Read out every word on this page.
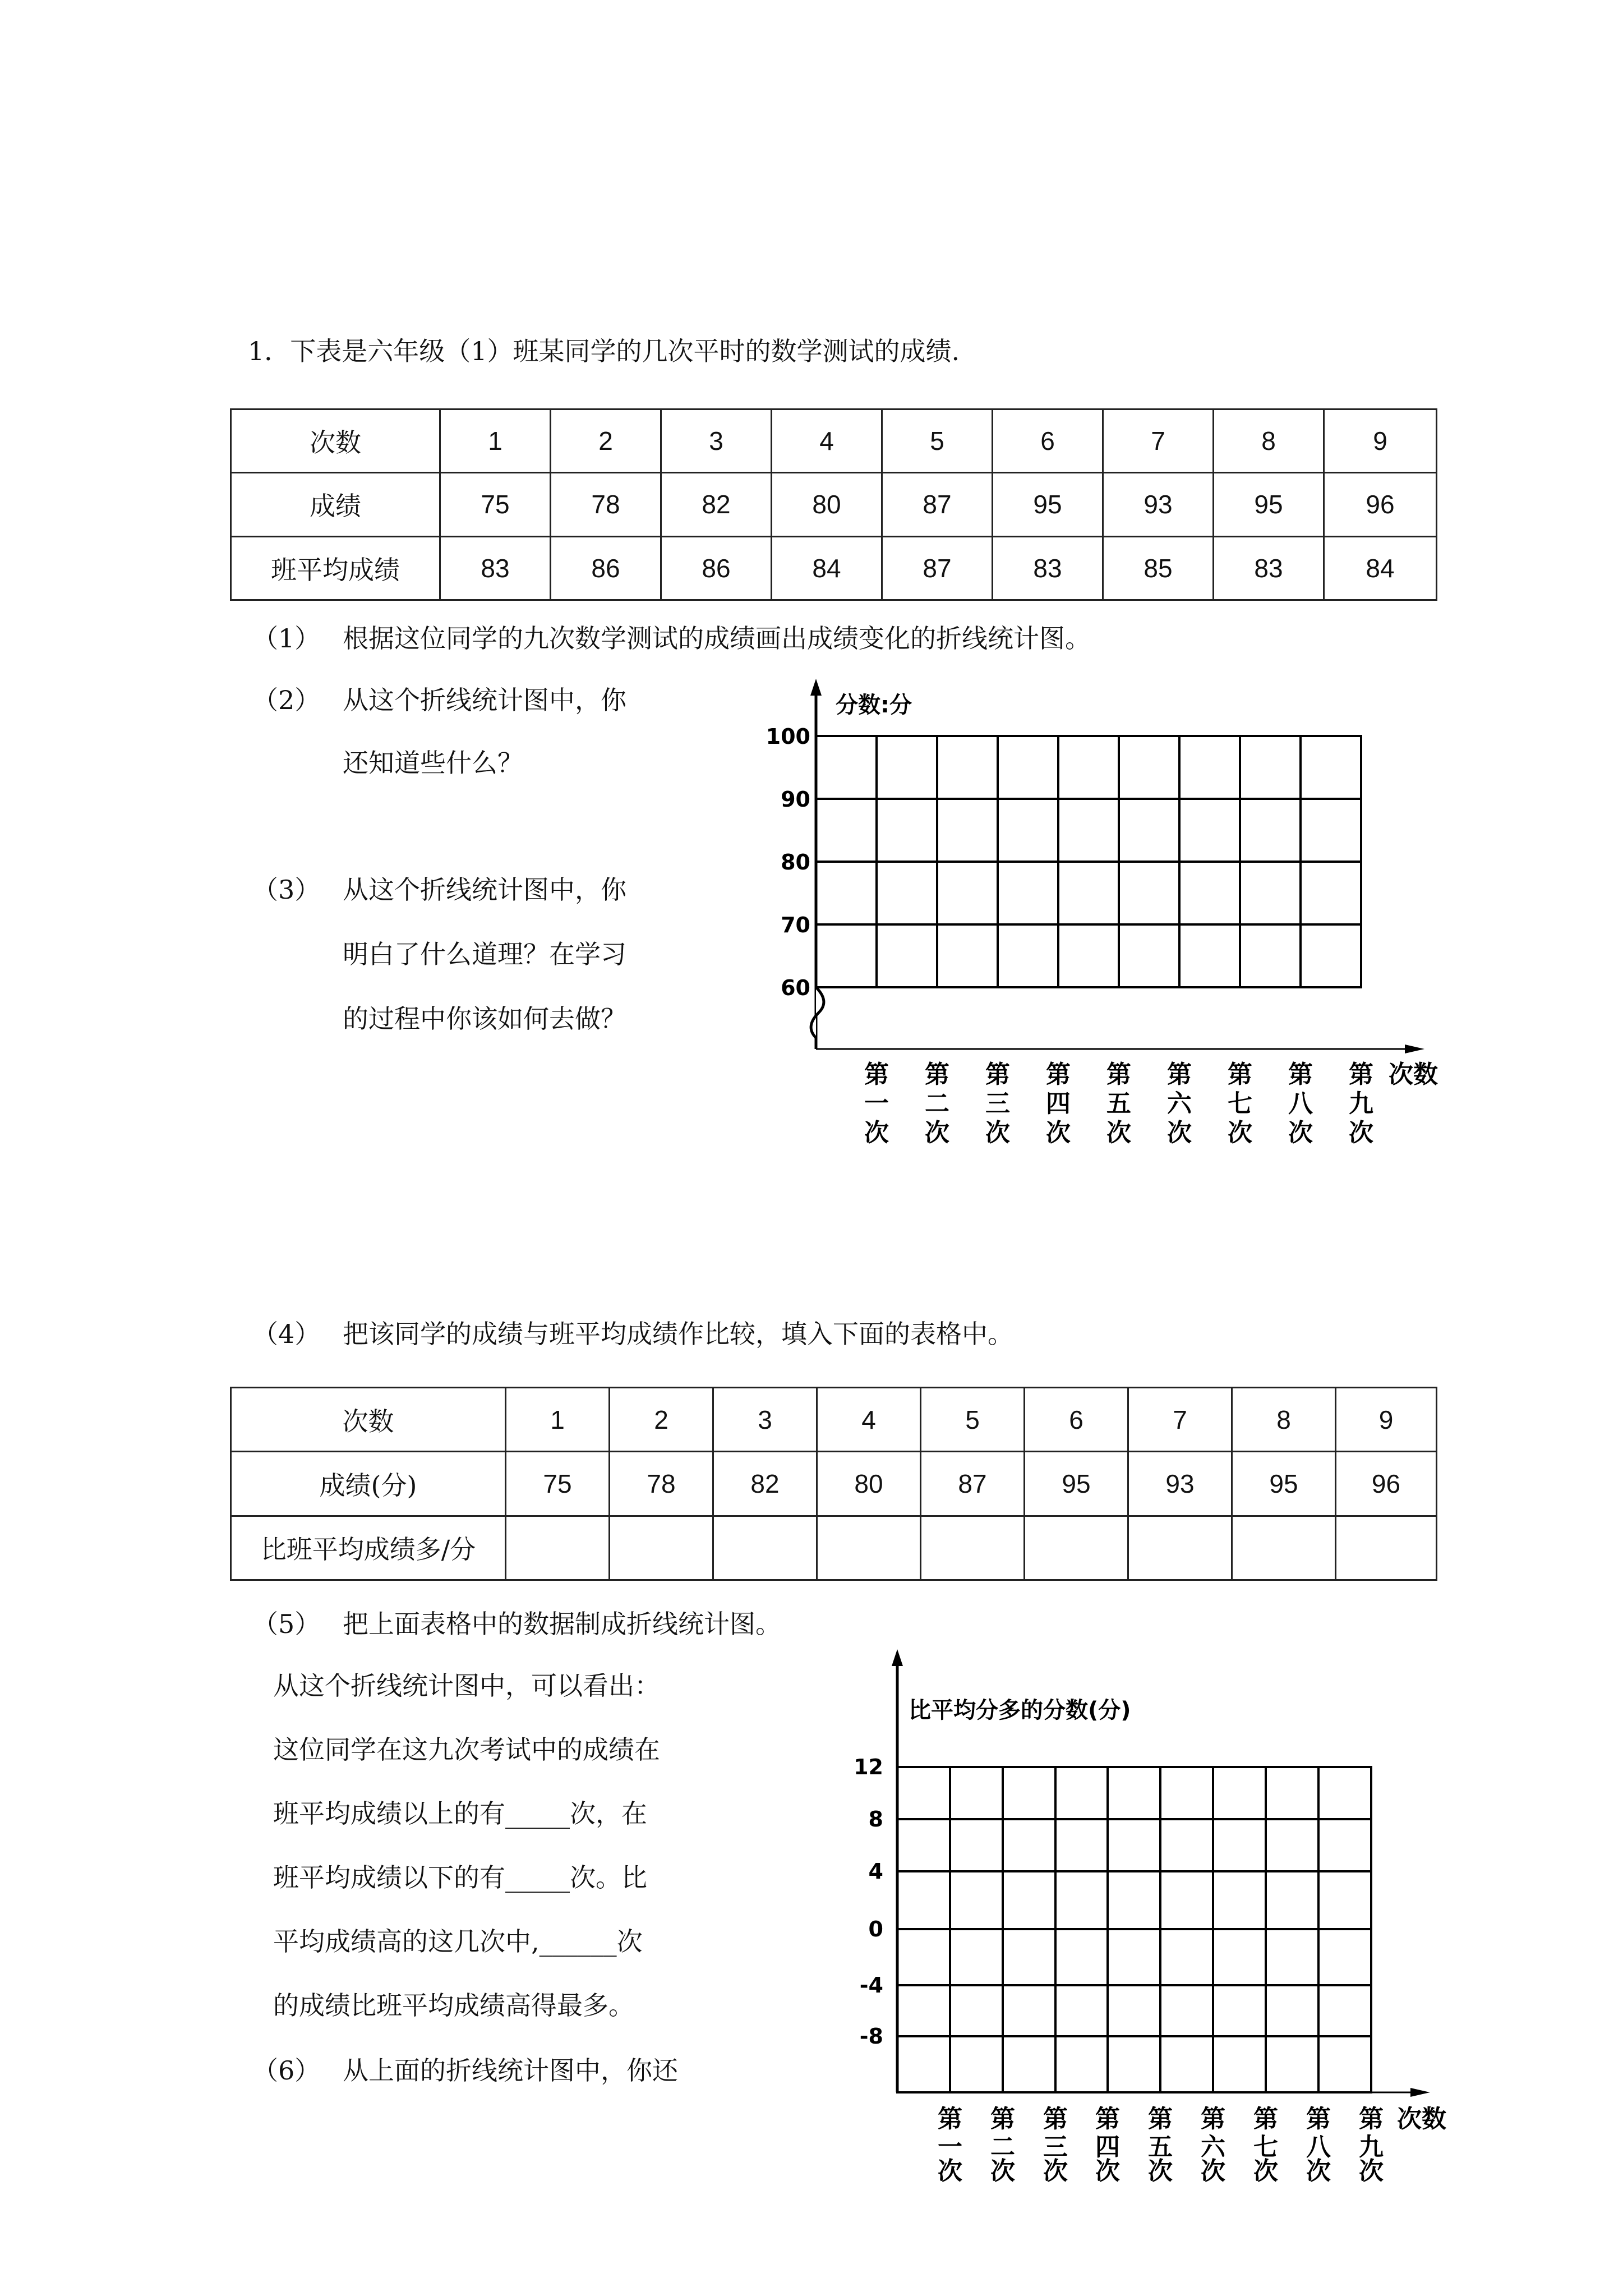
1．下表是六年级（1）班某同学的几次平时的数学测试的成绩.
次数	1	2	3	4	5	6	7	8	9
成绩	75	78	82	80	87	95	93	95	96
班平均成绩	83	86	86	84	87	83	85	83	84
（1） 根据这位同学的九次数学测试的成绩画出成绩变化的折线统计图。
（2） 从这个折线统计图中，你
还知道些什么？
（3） 从这个折线统计图中，你
明白了什么道理？在学习
的过程中你该如何去做？
分数:分
100
90
80
70
60
第
一
次
第
二
次
第
三
次
第
四
次
第
五
次
第
六
次
第
七
次
第
八
次
第
九
次
次数
（4） 把该同学的成绩与班平均成绩作比较，填入下面的表格中。
次数	1	2	3	4	5	6	7	8	9
成绩(分)	75	78	82	80	87	95	93	95	96
比班平均成绩多/分									
（5） 把上面表格中的数据制成折线统计图。
从这个折线统计图中，可以看出：
这位同学在这九次考试中的成绩在
班平均成绩以上的有_____次，在
班平均成绩以下的有_____次。比
平均成绩高的这几次中,______次
的成绩比班平均成绩高得最多。
（6） 从上面的折线统计图中，你还
比平均分多的分数(分)
12
8
4
0
-4
-8
第
一
次
第
二
次
第
三
次
第
四
次
第
五
次
第
六
次
第
七
次
第
八
次
第
九
次
次数
